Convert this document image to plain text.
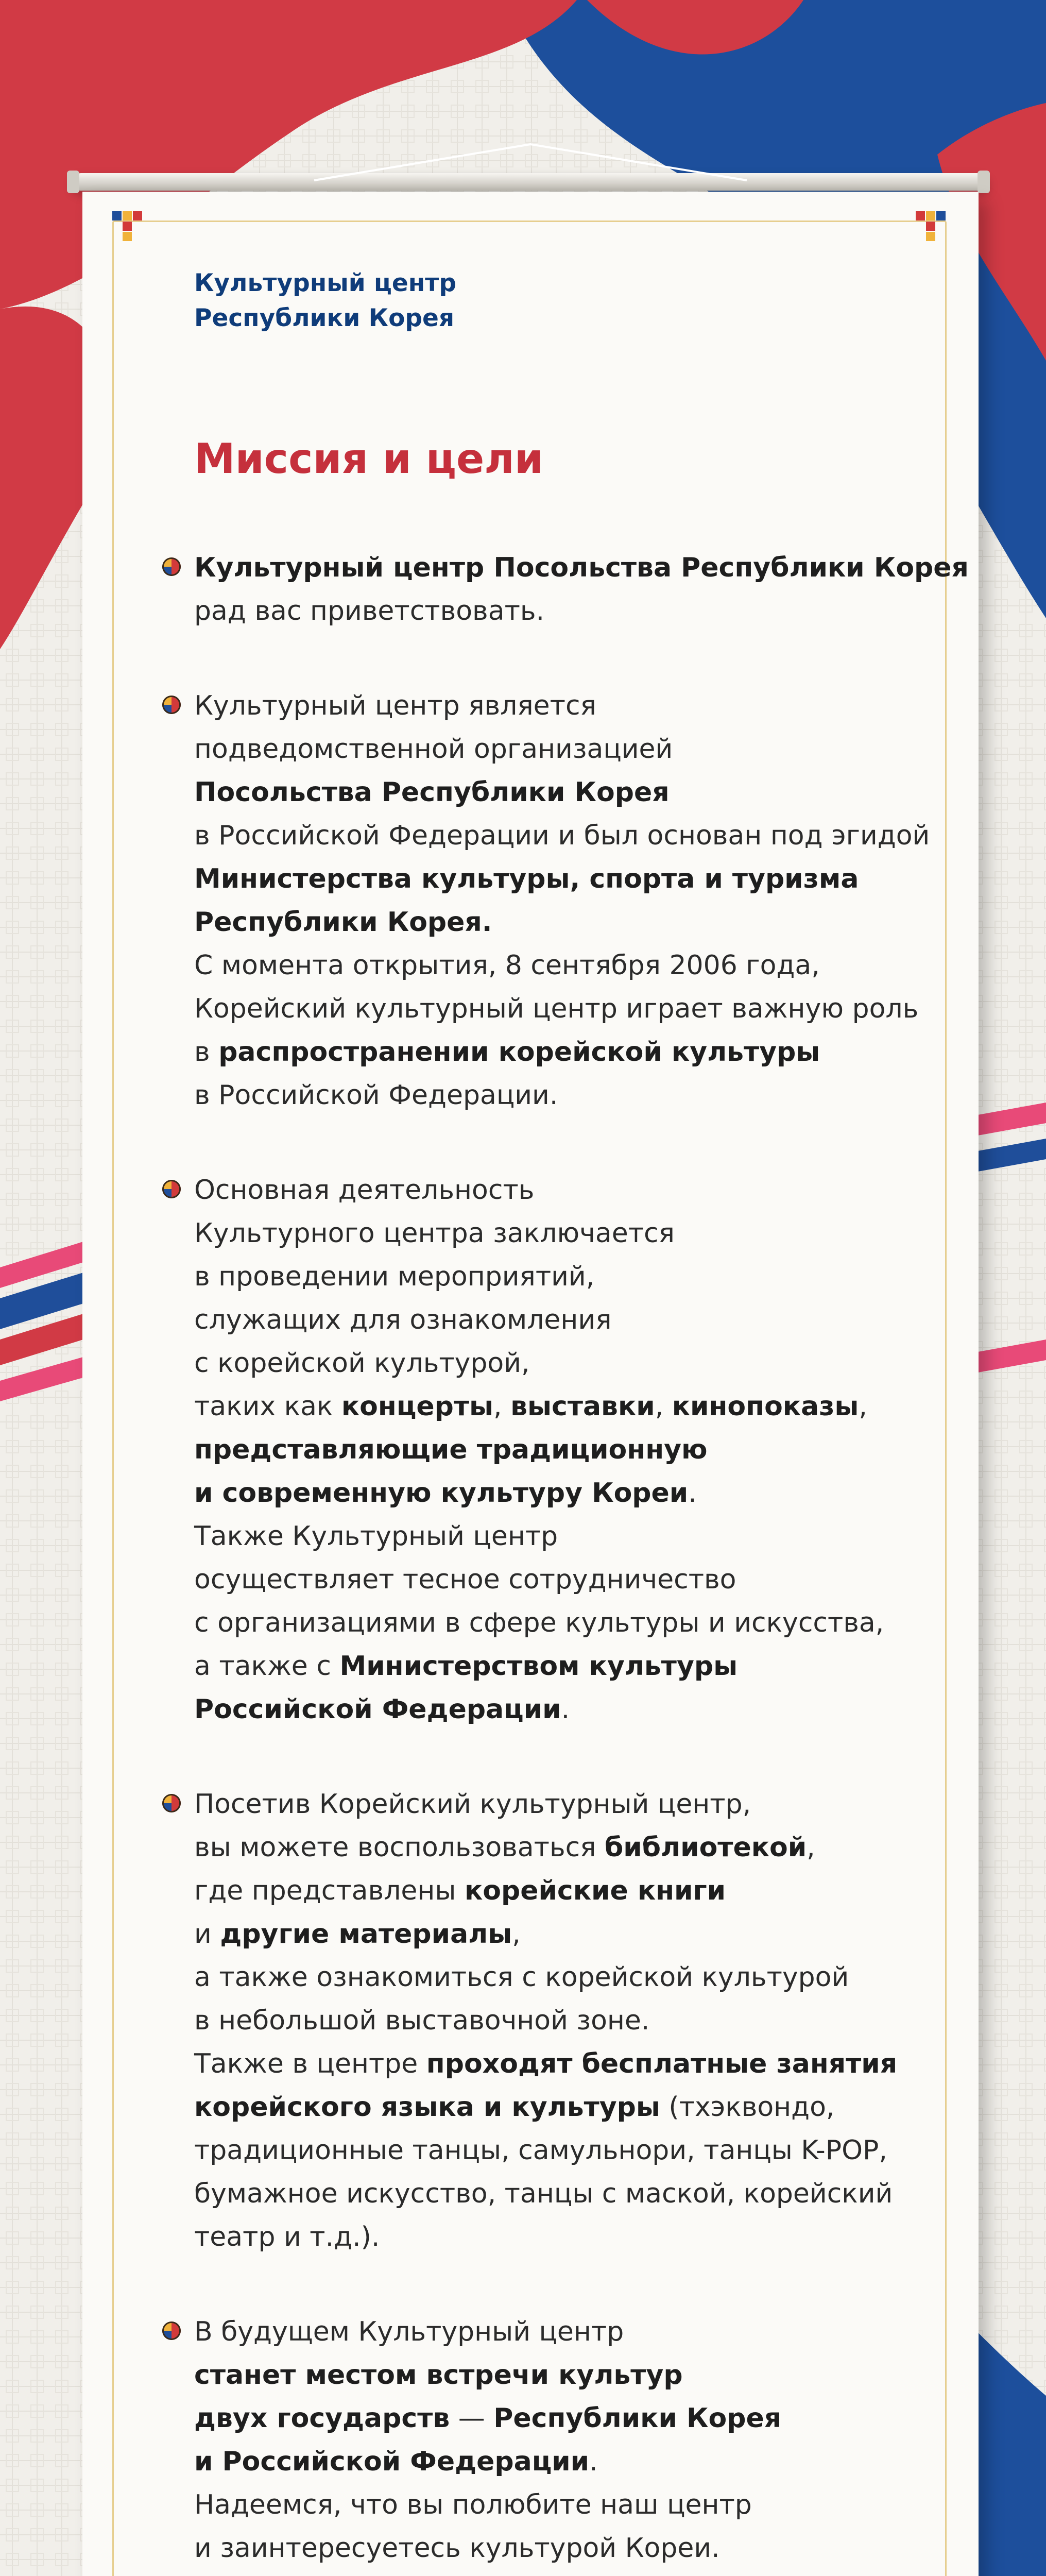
Культурный центр
Республики Корея
Миссия и цели
Культурный центр Посольства Республики Корея
рад вас приветствовать.
Культурный центр является
подведомственной организацией
Посольства Республики Корея
в Российской Федерации и был основан под эгидой
Министерства культуры, спорта и туризма
Республики Корея.
С момента открытия, 8 сентября 2006 года,
Корейский культурный центр играет важную роль
в распространении корейской культуры
в Российской Федерации.
Основная деятельность
Культурного центра заключается
в проведении мероприятий,
служащих для ознакомления
с корейской культурой,
таких как концерты, выставки, кинопоказы,
представляющие традиционную
и современную культуру Кореи.
Также Культурный центр
осуществляет тесное сотрудничество
с организациями в сфере культуры и искусства,
а также с Министерством культуры
Российской Федерации.
Посетив Корейский культурный центр,
вы можете воспользоваться библиотекой,
где представлены корейские книги
и другие материалы,
а также ознакомиться с корейской культурой
в небольшой выставочной зоне.
Также в центре проходят бесплатные занятия
корейского языка и культуры (тхэквондо,
традиционные танцы, самульнори, танцы K-POP,
бумажное искусство, танцы с маской, корейский
театр и т.д.).
В будущем Культурный центр
станет местом встречи культур
двух государств — Республики Корея
и Российской Федерации.
Надеемся, что вы полюбите наш центр
и заинтересуетесь культурой Кореи.
